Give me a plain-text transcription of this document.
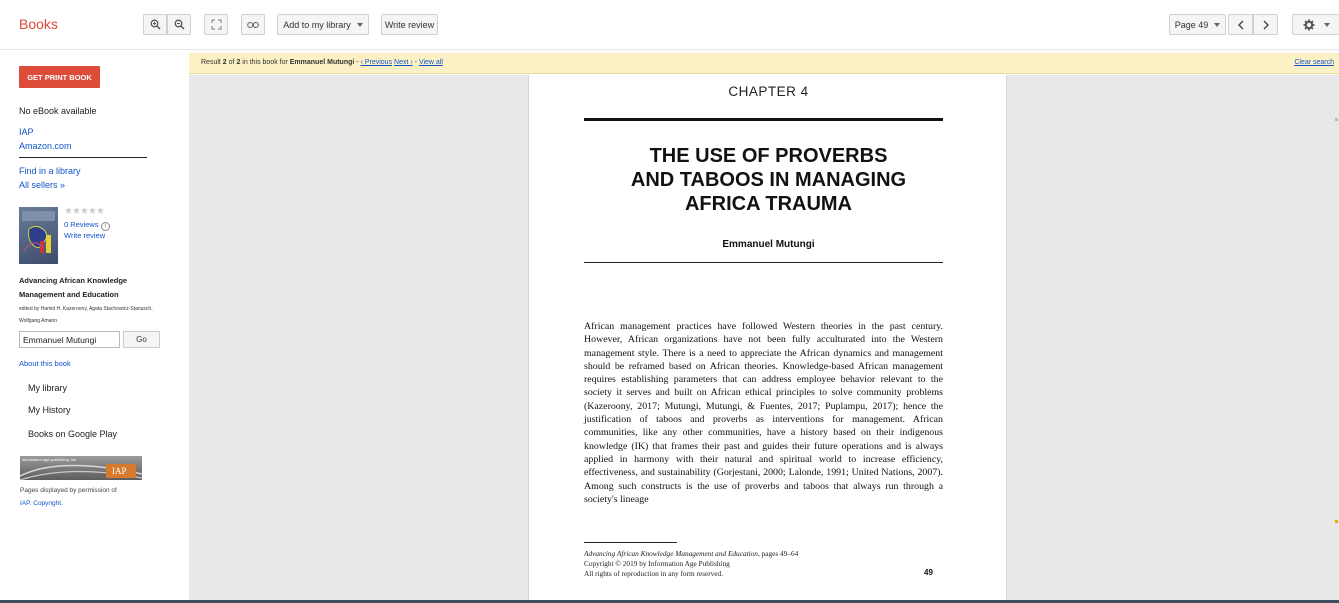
Books	Add to my library	Write review	Page 49
GET PRINT BOOK
No eBook available
IAP
Amazon.com
Find in a library
All sellers »
★★★★★
0 Reviews i
Write review
Advancing African Knowledge Management and Education
edited by Hamid H. Kazeroony, Agata Stachowicz-Stanusch, Wolfgang Amann
Emmanuel Mutungi
Go
About this book
My library
My History
Books on Google Play
information age publishing, inc.
IAP
Pages displayed by permission of
IAP. Copyright.
Result 2 of 2 in this book for Emmanuel Mutungi - ‹ Previous Next › - View all	Clear search
CHAPTER 4
THE USE OF PROVERBS
AND TABOOS IN MANAGING
AFRICA TRAUMA
Emmanuel Mutungi
African management practices have followed Western theories in the past century. However, African organizations have not been fully acculturated into the Western management style. There is a need to appreciate the African dynamics and management should be reframed based on African theories. Knowledge-based African management requires establishing parameters that can address employee behavior relevant to the society it serves and built on African ethical principles to solve community problems (Kazeroony, 2017; Mutungi, Mutungi, & Fuentes, 2017; Puplampu, 2017); hence the justification of taboos and proverbs as interventions for management. African communities, like any other communities, have a history based on their indigenous knowledge (IK) that frames their past and guides their future operations and is always applied in harmony with their natural and spiritual world to increase efficiency, effectiveness, and sustainability (Gorjestani, 2000; Lalonde, 1991; United Nations, 2007). Among such constructs is the use of proverbs and taboos that always run through a society's lineage
Advancing African Knowledge Management and Education, pages 49–64
Copyright © 2019 by Information Age Publishing
All rights of reproduction in any form reserved.	49
